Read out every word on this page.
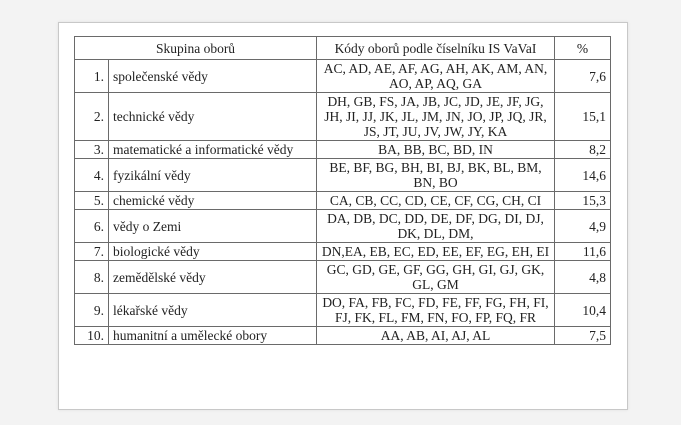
Skupina oborů		Kódy oborů podle číselníku IS VaVaI	%
1.	společenské vědy	AC, AD, AE, AF, AG, AH, AK, AM, AN, AO, AP, AQ, GA	7,6
2.	technické vědy	DH, GB, FS, JA, JB, JC, JD, JE, JF, JG, JH, JI, JJ, JK, JL, JM, JN, JO, JP, JQ, JR, JS, JT, JU, JV, JW, JY, KA	15,1
3.	matematické a informatické vědy	BA, BB, BC, BD, IN	8,2
4.	fyzikální vědy	BE, BF, BG, BH, BI, BJ, BK, BL, BM, BN, BO	14,6
5.	chemické vědy	CA, CB, CC, CD, CE, CF, CG, CH, CI	15,3
6.	vědy o Zemi	DA, DB, DC, DD, DE, DF, DG, DI, DJ, DK, DL, DM,	4,9
7.	biologické vědy	DN,EA, EB, EC, ED, EE, EF, EG, EH, EI	11,6
8.	zemědělské vědy	GC, GD, GE, GF, GG, GH, GI, GJ, GK, GL, GM	4,8
9.	lékařské vědy	DO, FA, FB, FC, FD, FE, FF, FG, FH, FI, FJ, FK, FL, FM, FN, FO, FP, FQ, FR	10,4
10.	humanitní a umělecké obory	AA, AB, AI, AJ, AL	7,5
